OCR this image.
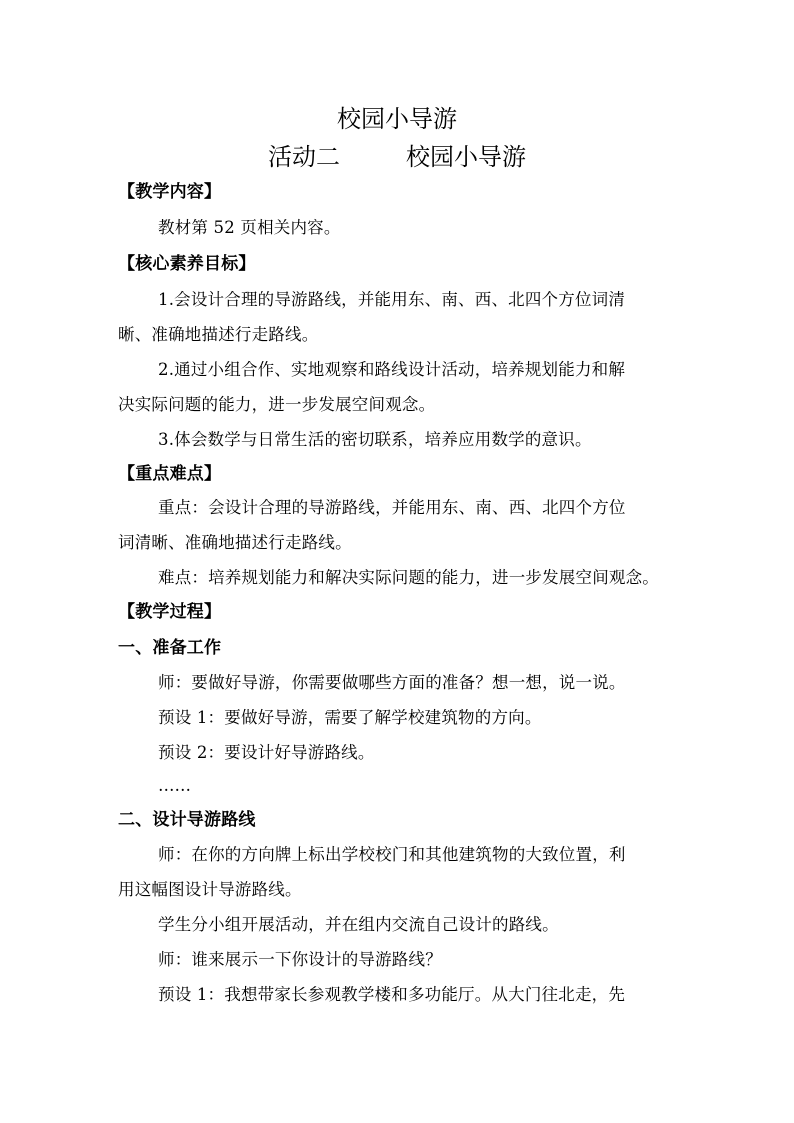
校园小导游
活动二	校园小导游
【教学内容】
教材第 52 页相关内容。
【核心素养目标】
1.会设计合理的导游路线，并能用东、南、西、北四个方位词清
晰、准确地描述行走路线。
2.通过小组合作、实地观察和路线设计活动，培养规划能力和解
决实际问题的能力，进一步发展空间观念。
3.体会数学与日常生活的密切联系，培养应用数学的意识。
【重点难点】
重点：会设计合理的导游路线，并能用东、南、西、北四个方位
词清晰、准确地描述行走路线。
难点：培养规划能力和解决实际问题的能力，进一步发展空间观念。
【教学过程】
一、准备工作
师：要做好导游，你需要做哪些方面的准备？想一想，说一说。
预设 1：要做好导游，需要了解学校建筑物的方向。
预设 2：要设计好导游路线。
……
二、设计导游路线
师：在你的方向牌上标出学校校门和其他建筑物的大致位置，利
用这幅图设计导游路线。
学生分小组开展活动，并在组内交流自己设计的路线。
师：谁来展示一下你设计的导游路线？
预设 1：我想带家长参观教学楼和多功能厅。从大门往北走，先
